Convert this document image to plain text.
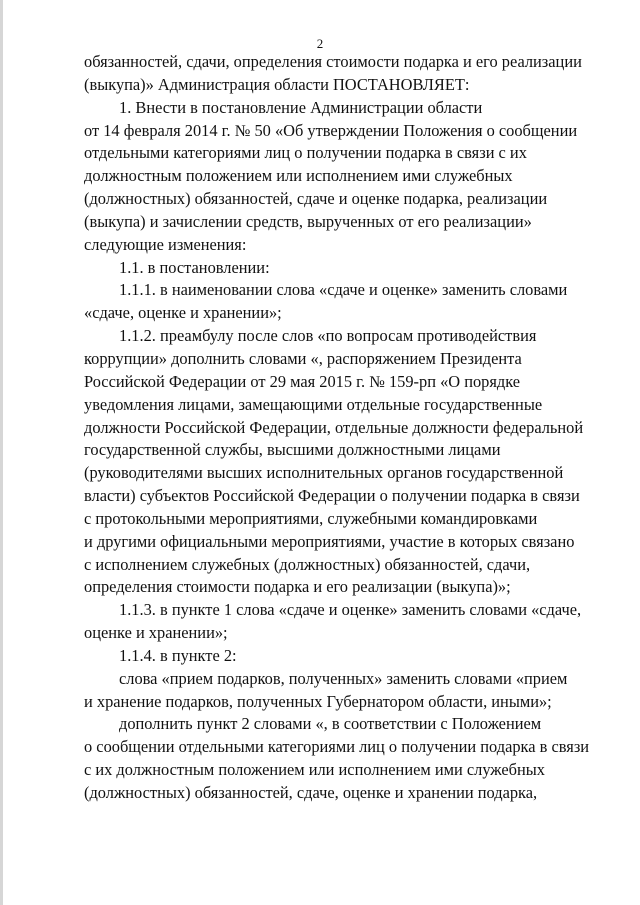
2
обязанностей, сдачи, определения стоимости подарка и его реализации
(выкупа)» Администрация области ПОСТАНОВЛЯЕТ:
1. Внести в постановление Администрации области
от 14 февраля 2014 г. № 50 «Об утверждении Положения о сообщении
отдельными категориями лиц о получении подарка в связи с их
должностным положением или исполнением ими служебных
(должностных) обязанностей, сдаче и оценке подарка, реализации
(выкупа) и зачислении средств, вырученных от его реализации»
следующие изменения:
1.1. в постановлении:
1.1.1. в наименовании слова «сдаче и оценке» заменить словами
«сдаче, оценке и хранении»;
1.1.2. преамбулу после слов «по вопросам противодействия
коррупции» дополнить словами «, распоряжением Президента
Российской Федерации от 29 мая 2015 г. № 159-рп «О порядке
уведомления лицами, замещающими отдельные государственные
должности Российской Федерации, отдельные должности федеральной
государственной службы, высшими должностными лицами
(руководителями высших исполнительных органов государственной
власти) субъектов Российской Федерации о получении подарка в связи
с протокольными мероприятиями, служебными командировками
и другими официальными мероприятиями, участие в которых связано
с исполнением служебных (должностных) обязанностей, сдачи,
определения стоимости подарка и его реализации (выкупа)»;
1.1.3. в пункте 1 слова «сдаче и оценке» заменить словами «сдаче,
оценке и хранении»;
1.1.4. в пункте 2:
слова «прием подарков, полученных» заменить словами «прием
и хранение подарков, полученных Губернатором области, иными»;
дополнить пункт 2 словами «, в соответствии с Положением
о сообщении отдельными категориями лиц о получении подарка в связи
с их должностным положением или исполнением ими служебных
(должностных) обязанностей, сдаче, оценке и хранении подарка,
